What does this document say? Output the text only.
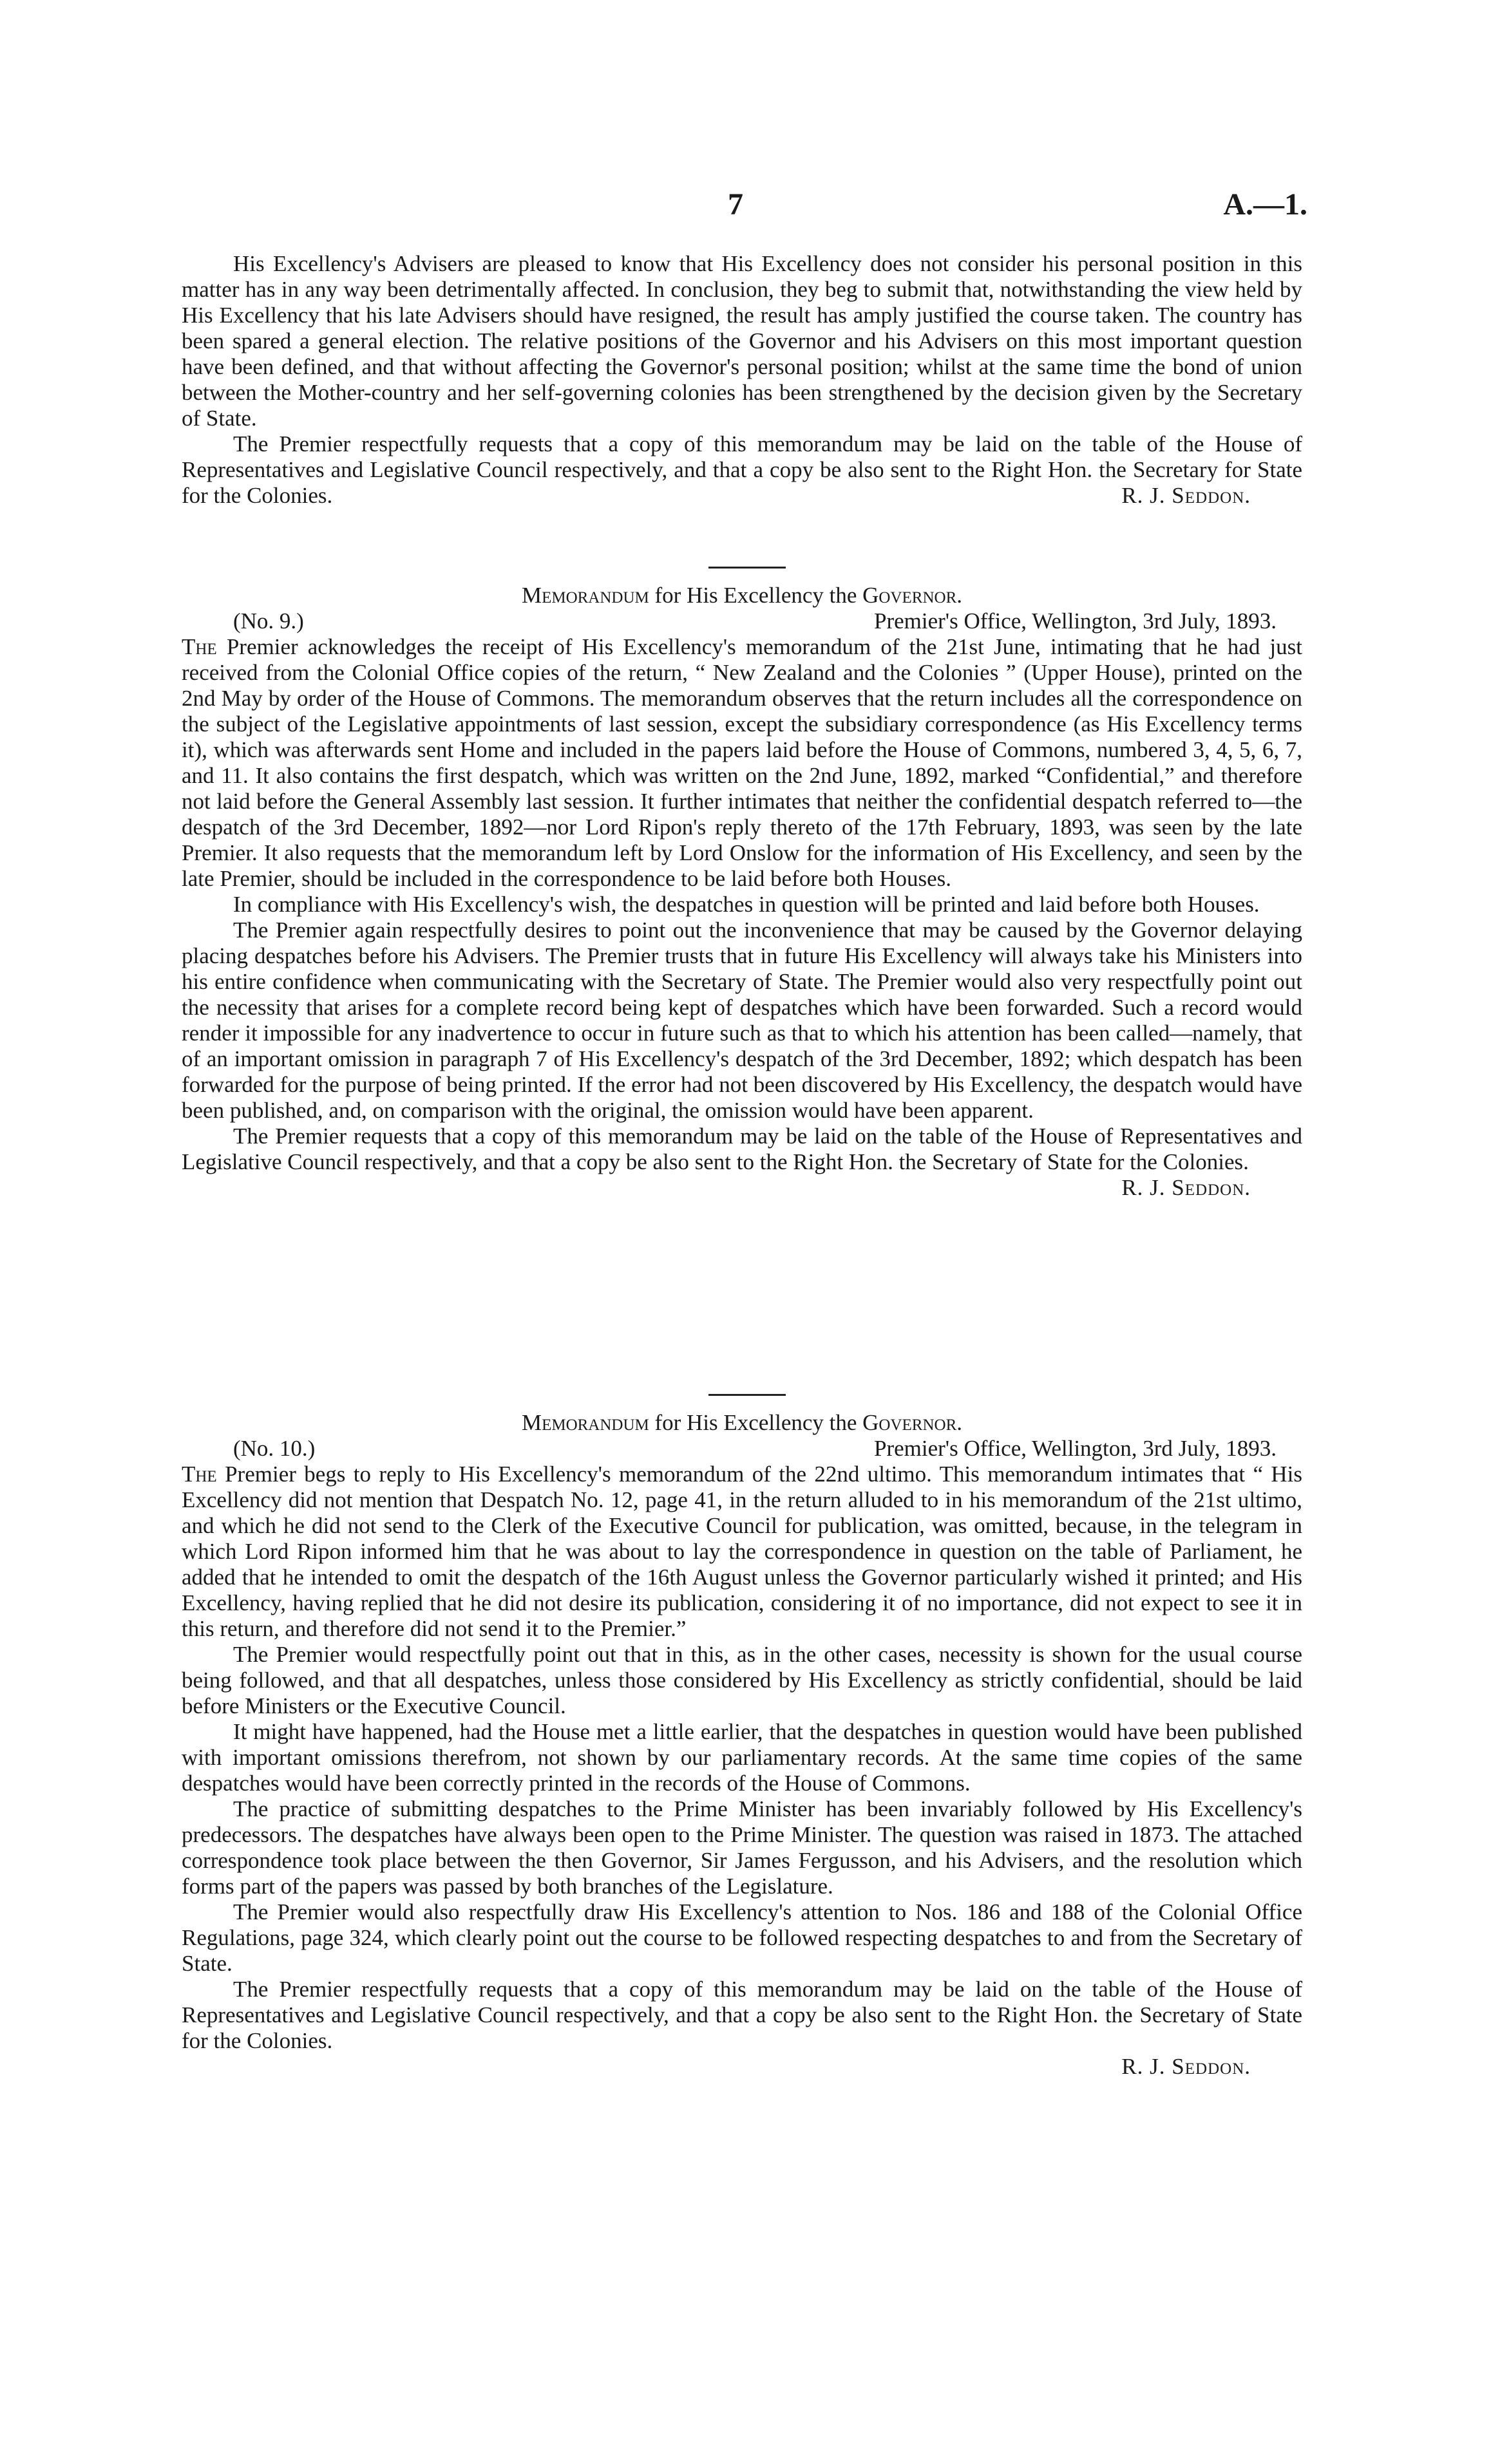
7	A.—1.

His Excellency's Advisers are pleased to know that His Excellency does not consider his personal position in this matter has in any way been detrimentally affected. In conclusion, they beg to submit that, notwithstanding the view held by His Excellency that his late Advisers should have resigned, the result has amply justified the course taken. The country has been spared a general election. The relative positions of the Governor and his Advisers on this most important question have been defined, and that without affecting the Governor's personal position; whilst at the same time the bond of union between the Mother-country and her self-governing colonies has been strengthened by the decision given by the Secretary of State.

The Premier respectfully requests that a copy of this memorandum may be laid on the table of the House of Representatives and Legislative Council respectively, and that a copy be also sent to the Right Hon. the Secretary for State for the Colonies.	R. J. Seddon.

Memorandum for His Excellency the Governor.

(No. 9.)	Premier's Office, Wellington, 3rd July, 1893.

The Premier acknowledges the receipt of His Excellency's memorandum of the 21st June, intimating that he had just received from the Colonial Office copies of the return, “ New Zealand and the Colonies ” (Upper House), printed on the 2nd May by order of the House of Commons. The memorandum observes that the return includes all the correspondence on the subject of the Legislative appointments of last session, except the subsidiary correspondence (as His Excellency terms it), which was afterwards sent Home and included in the papers laid before the House of Commons, numbered 3, 4, 5, 6, 7, and 11. It also contains the first despatch, which was written on the 2nd June, 1892, marked “Confidential,” and therefore not laid before the General Assembly last session. It further intimates that neither the confidential despatch referred to—the despatch of the 3rd December, 1892—nor Lord Ripon's reply thereto of the 17th February, 1893, was seen by the late Premier. It also requests that the memorandum left by Lord Onslow for the information of His Excellency, and seen by the late Premier, should be included in the correspondence to be laid before both Houses.

In compliance with His Excellency's wish, the despatches in question will be printed and laid before both Houses.

The Premier again respectfully desires to point out the inconvenience that may be caused by the Governor delaying placing despatches before his Advisers. The Premier trusts that in future His Excellency will always take his Ministers into his entire confidence when communicating with the Secretary of State. The Premier would also very respectfully point out the necessity that arises for a complete record being kept of despatches which have been forwarded. Such a record would render it impossible for any inadvertence to occur in future such as that to which his attention has been called—namely, that of an important omission in paragraph 7 of His Excellency's despatch of the 3rd December, 1892; which despatch has been forwarded for the purpose of being printed. If the error had not been discovered by His Excellency, the despatch would have been published, and, on comparison with the original, the omission would have been apparent.

The Premier requests that a copy of this memorandum may be laid on the table of the House of Representatives and Legislative Council respectively, and that a copy be also sent to the Right Hon. the Secretary of State for the Colonies.
R. J. Seddon.

Memorandum for His Excellency the Governor.

(No. 10.)	Premier's Office, Wellington, 3rd July, 1893.

The Premier begs to reply to His Excellency's memorandum of the 22nd ultimo. This memorandum intimates that “ His Excellency did not mention that Despatch No. 12, page 41, in the return alluded to in his memorandum of the 21st ultimo, and which he did not send to the Clerk of the Executive Council for publication, was omitted, because, in the telegram in which Lord Ripon informed him that he was about to lay the correspondence in question on the table of Parliament, he added that he intended to omit the despatch of the 16th August unless the Governor particularly wished it printed; and His Excellency, having replied that he did not desire its publication, considering it of no importance, did not expect to see it in this return, and therefore did not send it to the Premier.”

The Premier would respectfully point out that in this, as in the other cases, necessity is shown for the usual course being followed, and that all despatches, unless those considered by His Excellency as strictly confidential, should be laid before Ministers or the Executive Council.

It might have happened, had the House met a little earlier, that the despatches in question would have been published with important omissions therefrom, not shown by our parliamentary records. At the same time copies of the same despatches would have been correctly printed in the records of the House of Commons.

The practice of submitting despatches to the Prime Minister has been invariably followed by His Excellency's predecessors. The despatches have always been open to the Prime Minister. The question was raised in 1873. The attached correspondence took place between the then Governor, Sir James Fergusson, and his Advisers, and the resolution which forms part of the papers was passed by both branches of the Legislature.

The Premier would also respectfully draw His Excellency's attention to Nos. 186 and 188 of the Colonial Office Regulations, page 324, which clearly point out the course to be followed respecting despatches to and from the Secretary of State.

The Premier respectfully requests that a copy of this memorandum may be laid on the table of the House of Representatives and Legislative Council respectively, and that a copy be also sent to the Right Hon. the Secretary of State for the Colonies.

R. J. Seddon.
